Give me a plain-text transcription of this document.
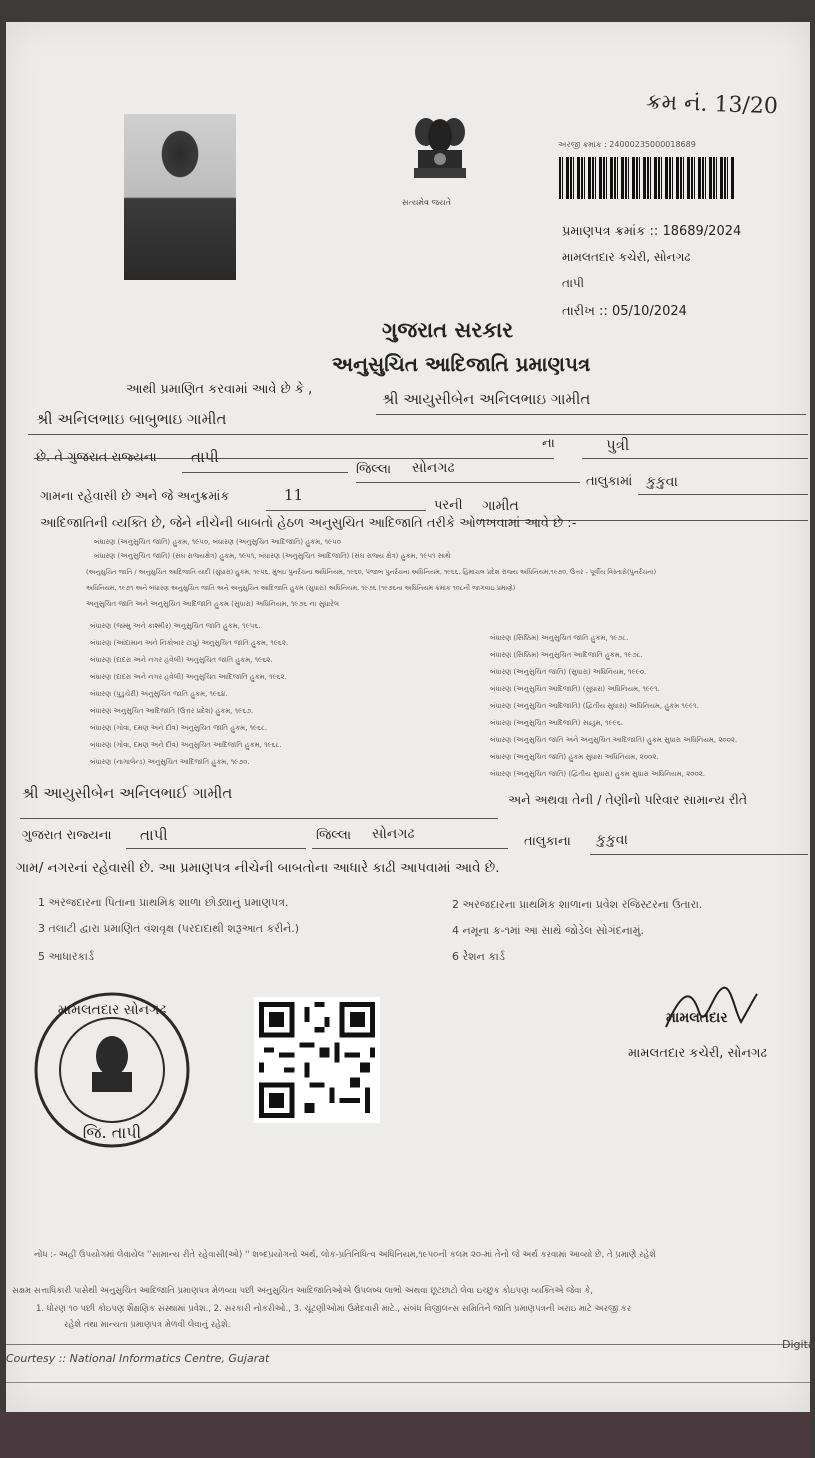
ક્રમ નં. 13/20
સત્યમેવ જયતે
અરજી ક્રમાંક : 24000235000018689
પ્રમાણપત્ર ક્રમાંક :: 18689/2024
મામલતદાર કચેરી, સોનગઢ
તાપી
તારીખ :: 05/10/2024
ગુજરાત સરકાર
અનુસુચિત આદિજાતિ પ્રમાણપત્ર
આથી પ્રમાણિત કરવામાં આવે છે કે ,
શ્રી આયુસીબેન અનિલભાઇ ગામીત
શ્રી અનિલભાઇ બાબુભાઇ ગામીત
ના	પુત્રી
છે. તે ગુજરાત રાજ્યના તાપી
જિલ્લા સોનગઢ
તાલુકામાં કુકુવા
ગામના રહેવાસી છે અને જે અનુક્રમાંક	11
પરની ગામીત
આદિજાતિની વ્યક્તિ છે, જેને નીચેની બાબતો હેઠળ અનુસુચિત આદિજાતિ તરીકે ઓળખવામાં આવે છે :-
બંધારણ (અનુસુચિત જાતિ) હુકમ, ૧૯૫૦, બંધારણ (અનુસુચિત આદિજાતિ) હુકમ, ૧૯૫૦
બંધારણ (અનુસુચિત જાતિ) (સંઘ રાજ્યક્ષેત્ર) હુકમ, ૧૯૫૧, બંધારણ (અનુસુચિત આદિજાતિ) (સંઘ રાજ્ય ક્ષેત્ર) હુકમ, ૧૯૫૧ સાથે
(અનુસુચિત જાતિ / અનુસુચિત આદિજાતિ યાદી (સુધારા) હુકમ, ૧૯૫૬, મુંબઇ પુનર્રચના અધિનિયમ, ૧૯૬૦, પંજાબ પુનર્રચના અધિનિયમ, ૧૯૬૬, હિમાચલ પ્રદેશ રાજ્ય અધિનિયમ,૧૯૭૦, ઉત્તર - પૂર્વીય વિસ્તારો(પુનર્રચના)
અધિનિયમ, ૧૯૭૧ અને બંધારણ અનુસુચિત જાતિ અને અનુસુચિત આદિજાતિ હુકમ (સુધારા) અધિનિયમ, ૧૯૭૬ (૧૯૭૬ના અધિનિયમ ક્રમાંક ૧૦૮ની જાગવાઇ પ્રમાણે)
અનુસુચિત જાતિ અને અનુસુચિત આદિજાતિ હુકમ (સુધારા) અધિનિયમ, ૧૯૭૬ ના સુધારેલ
બંધારણ (જમ્મુ અને કાશ્મીર) અનુસુચિત જાતિ હુકમ, ૧૯૫૬.
બંધારણ (આંદામાન અને નિકોબાર ટાપુ) અનુસુચિત જાતિ હુકમ, ૧૯૬૨.
બંધારણ (દાદરા અને નગર હવેલી) અનુસુચિત જાતિ હુકમ, ૧૯૬૨.
બંધારણ (દાદરા અને નગર હવેલી) અનુસુચિત આદિજાતિ હુકમ, ૧૯૬૨.
બંધારણ (પુડુચેરી) અનુસુચિત જાતિ હુકમ, ૧૯૬૪.
બંધારણ અનુસુચિત આદિજાતિ (ઉત્તર પ્રદેશ) હુકમ, ૧૯૬૭.
બંધારણ (ગોવા, દમણ અને દીવ) અનુસુચિત જાતિ હુકમ, ૧૯૬૮.
બંધારણ (ગોવા, દમણ અને દીવ) અનુસુચિત આદિજાતિ હુકમ, ૧૯૬૮.
બંધારણ (નાગાલેન્ડ) અનુસુચિત આદિજાતિ હુકમ, ૧૯૭૦.
બંધારણ (સિક્કિમ) અનુસુચિત જાતિ હુકમ, ૧૯૭૮.
બંધારણ (સિક્કિમ) અનુસુચિત આદિજાતિ હુકમ, ૧૯૭૮.
બંધારણ (અનુસુચિત જાતિ) (સુધારા) અધિનિયમ, ૧૯૯૦.
બંધારણ (અનુસુચિત આદિજાતિ) (સુધારા) અધિનિયમ, ૧૯૯૧.
બંધારણ (અનુસુચિત આદિજાતિ) (દ્વિતીય સુધારા) અધિનિયમ, હુકમ ૧૯૯૧.
બંધારણ (અનુસુચિત આદિજાતિ) સહ્ડુમ, ૧૯૯૬.
બંધારણ (અનુસુચિત જાતિ અને અનુસુચિત આદિજાતિ) હુકમ સુધારા અધિનિયમ, ૨૦૦૨.
બંધારણ (અનુસુચિત જાતિ) હુકમ સુધારા અધિનિયમ, ૨૦૦૨.
બંધારણ (અનુસુચિત જાતિ) (દ્વિતીય સુધારા) હુકમ સુધારા અધિનિયમ, ૨૦૦૨.
શ્રી આયુસીબેન અનિલભાઈ ગામીત	અને અથવા તેની / તેણીનો પરિવાર સામાન્ય રીતે
ગુજરાત રાજ્યના તાપી	જિલ્લા સોનગઢ	તાલુકાના કુકુવા
ગામ/ નગરનાં રહેવાસી છે. આ પ્રમાણપત્ર નીચેની બાબતોના આધારે કાઢી આપવામાં આવે છે.
1 અરજદારના પિતાના પ્રાથમિક શાળા છોડ્યાનું પ્રમાણપત્ર.	2 અરજદારના પ્રાથમિક શાળાના પ્રવેશ રજિસ્ટરના ઉતારા.
3 તલાટી દ્વારા પ્રમાણિત વંશવૃક્ષ (પરદાદાથી શરૂઆત કરીને.)	4 નમૂના ક-૧માં આ સાથે જોડેલ સોગંદનામું.
5 આધારકાર્ડ	6 રેશન કાર્ડ
મામલતદાર સોનગઢ
જિ. તાપી
મામલતદાર
મામલતદાર કચેરી, સોનગઢ
નોંધ :- અહીં ઉપયોગમાં લેવાયેલ ''સામાન્ય રીતે રહેવાસી(ઓ) '' શબ્દપ્રયોગનો અર્થ, લોક-પ્રતિનિધિત્વ અધિનિયમ,૧૯૫૦ની કલમ ૨૦-માં તેનો જે અર્થ કરવામાં આવ્યો છે, તે પ્રમાણે રહેશે
સક્ષમ સત્તાધિકારી પાસેથી અનુસુચિત આદિજાતિ પ્રમાણપત્ર મેળવ્યા પછી અનુસુચિત આદિજાતિઓએ ઉપલબ્ધ લાભો અથવા છૂટછાટો લેવા ઇચ્છુક કોઇપણ વ્યક્તિએ જેવા કે,
1. ધોરણ ૧૦ પછી કોઇપણ શૈક્ષણિક સંસ્થામાં પ્રવેશ., 2. સરકારી નોકરીઓ., 3. ચૂંટણીઓમાં ઉમેદવારી માટે., સંબંધ વિજીલન્સ સમિતિને જાતિ પ્રમાણપત્રની ખરાઇ માટે અરજી કર
રહેશે તથા માન્યતા પ્રમાણપત્ર મેળવી લેવાનું રહેશે.
Courtesy :: National Informatics Centre, Gujarat
Digita
